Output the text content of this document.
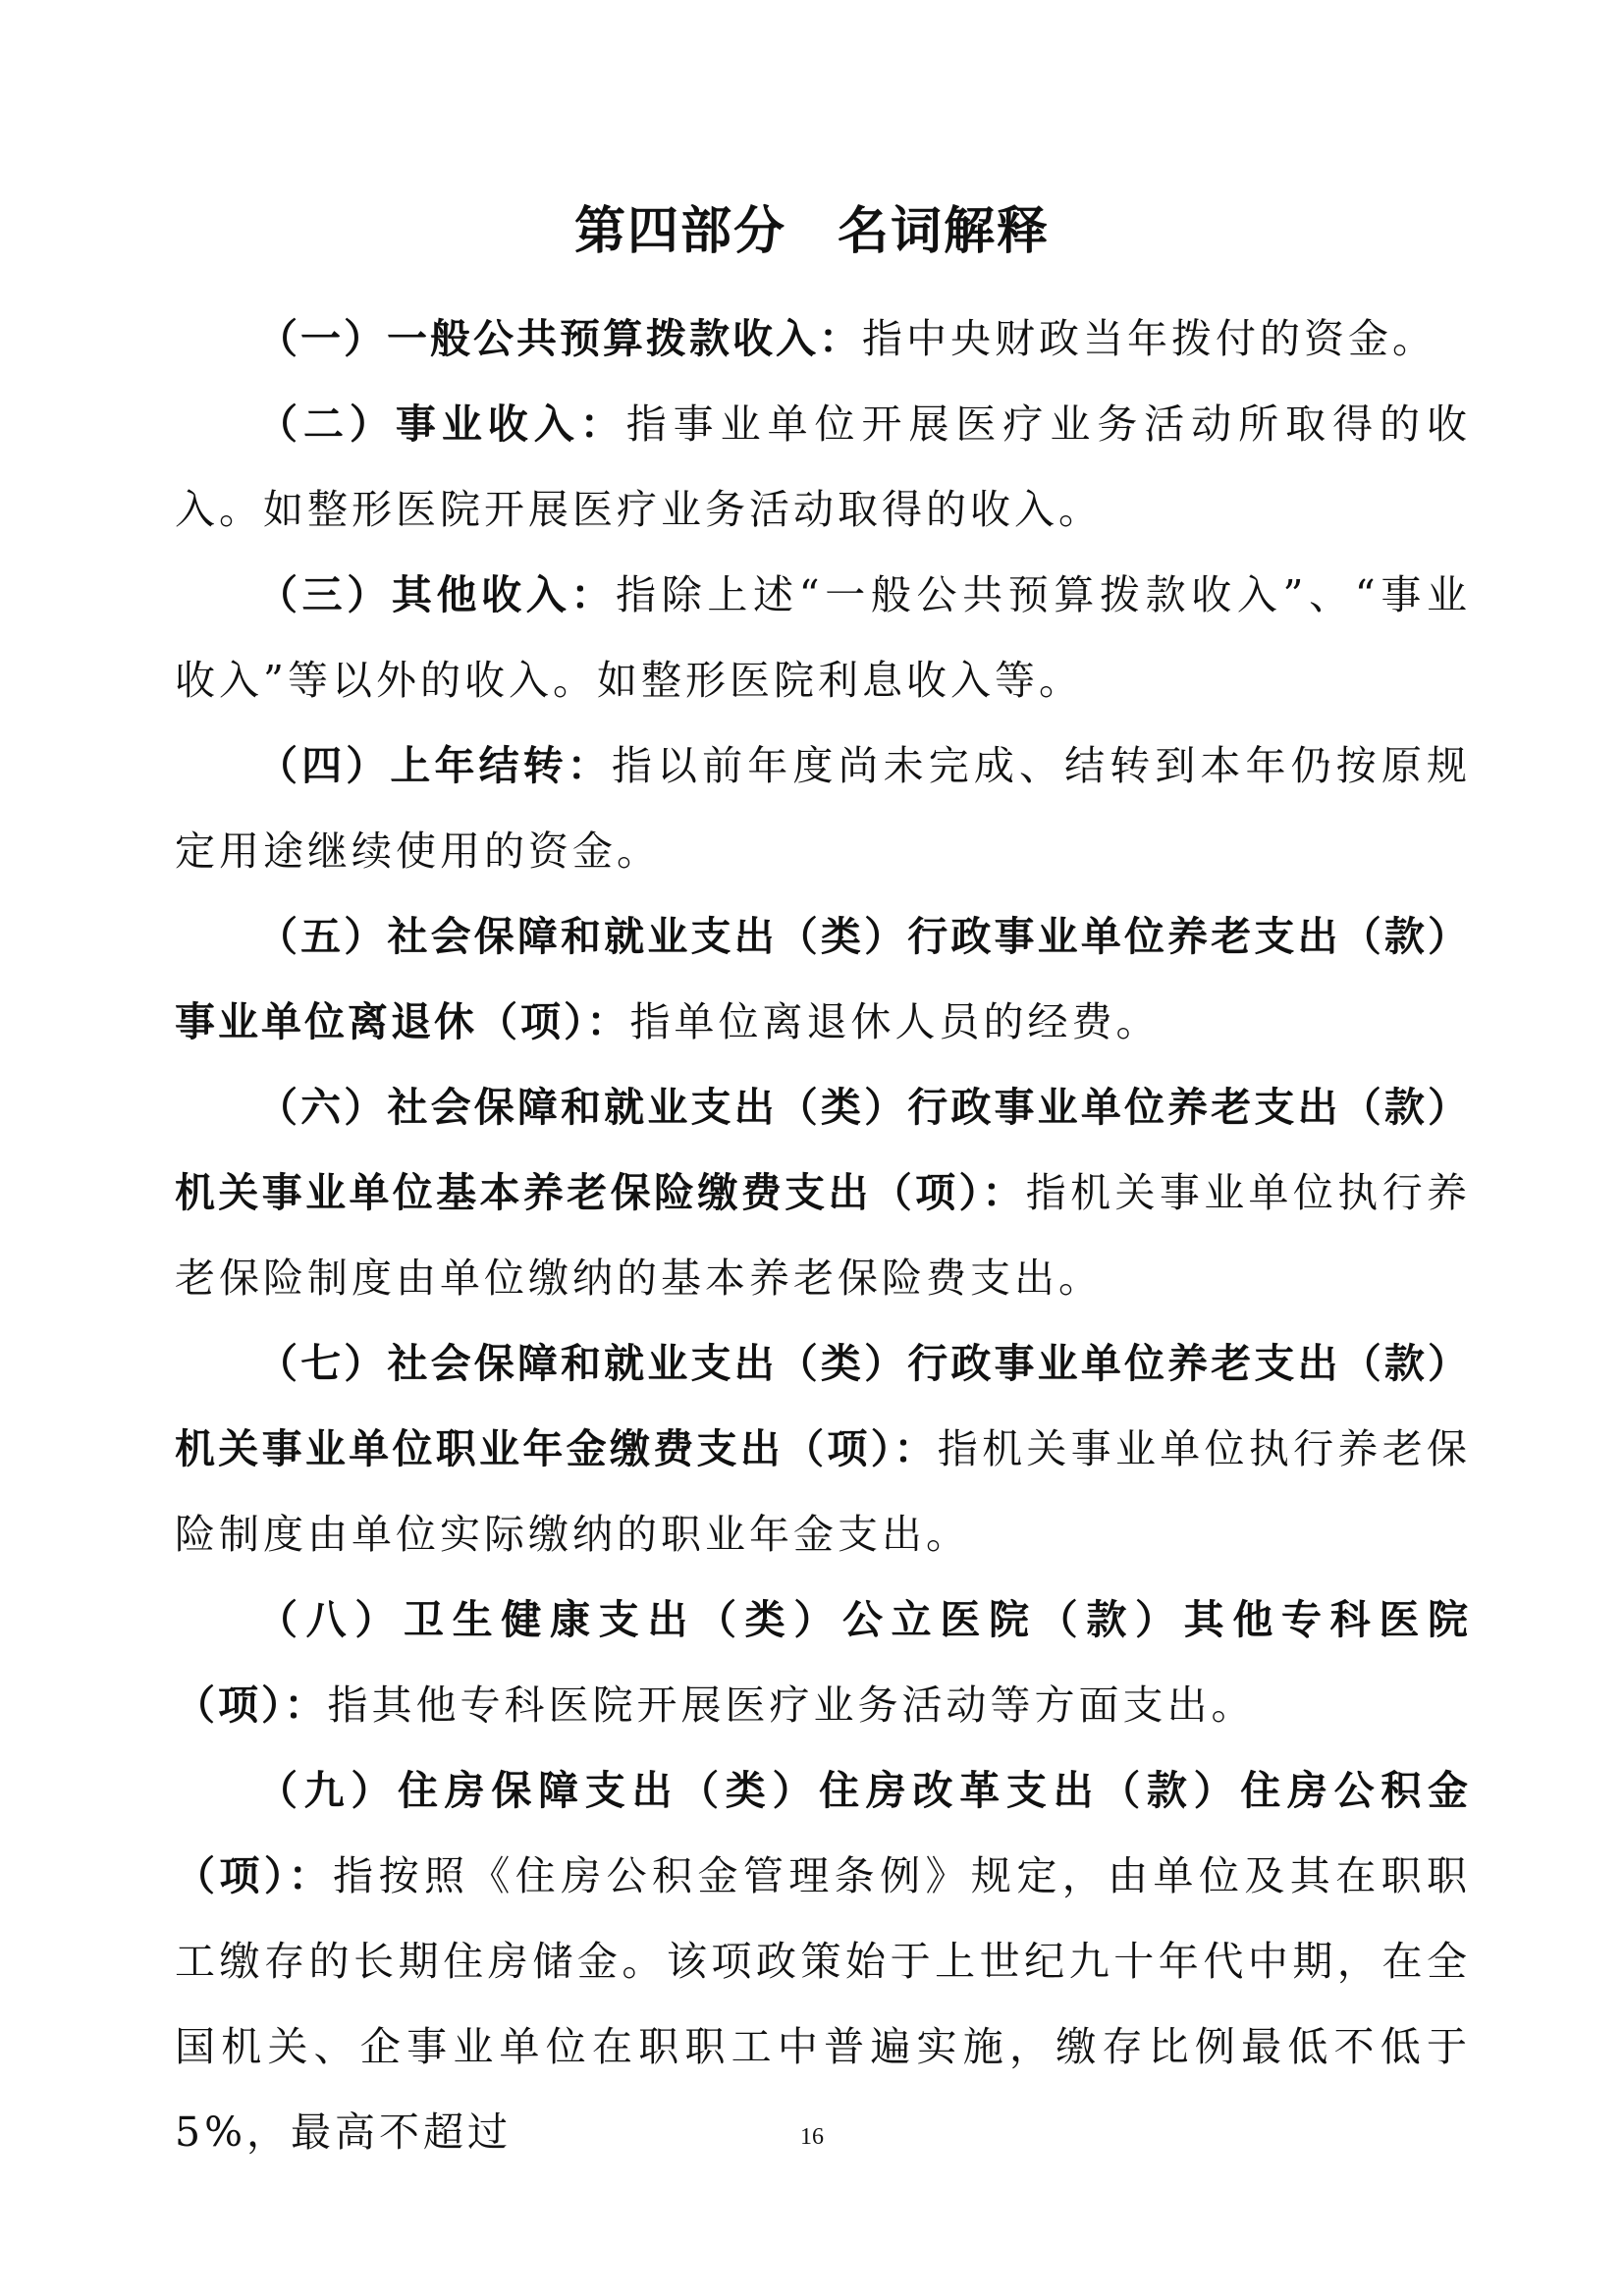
第四部分 名词解释

（一）一般公共预算拨款收入：指中央财政当年拨付的资金。

（二）事业收入：指事业单位开展医疗业务活动所取得的收入。如整形医院开展医疗业务活动取得的收入。

（三）其他收入：指除上述“一般公共预算拨款收入”、“事业收入”等以外的收入。如整形医院利息收入等。

（四）上年结转：指以前年度尚未完成、结转到本年仍按原规定用途继续使用的资金。

（五）社会保障和就业支出（类）行政事业单位养老支出（款）事业单位离退休（项）：指单位离退休人员的经费。

（六）社会保障和就业支出（类）行政事业单位养老支出（款）机关事业单位基本养老保险缴费支出（项）：指机关事业单位执行养老保险制度由单位缴纳的基本养老保险费支出。

（七）社会保障和就业支出（类）行政事业单位养老支出（款）机关事业单位职业年金缴费支出（项）：指机关事业单位执行养老保险制度由单位实际缴纳的职业年金支出。

（八）卫生健康支出（类）公立医院（款）其他专科医院（项）：指其他专科医院开展医疗业务活动等方面支出。

（九）住房保障支出（类）住房改革支出（款）住房公积金（项）：指按照《住房公积金管理条例》规定，由单位及其在职职工缴存的长期住房储金。该项政策始于上世纪九十年代中期，在全国机关、企事业单位在职职工中普遍实施，缴存比例最低不低于5%，最高不超过	16
